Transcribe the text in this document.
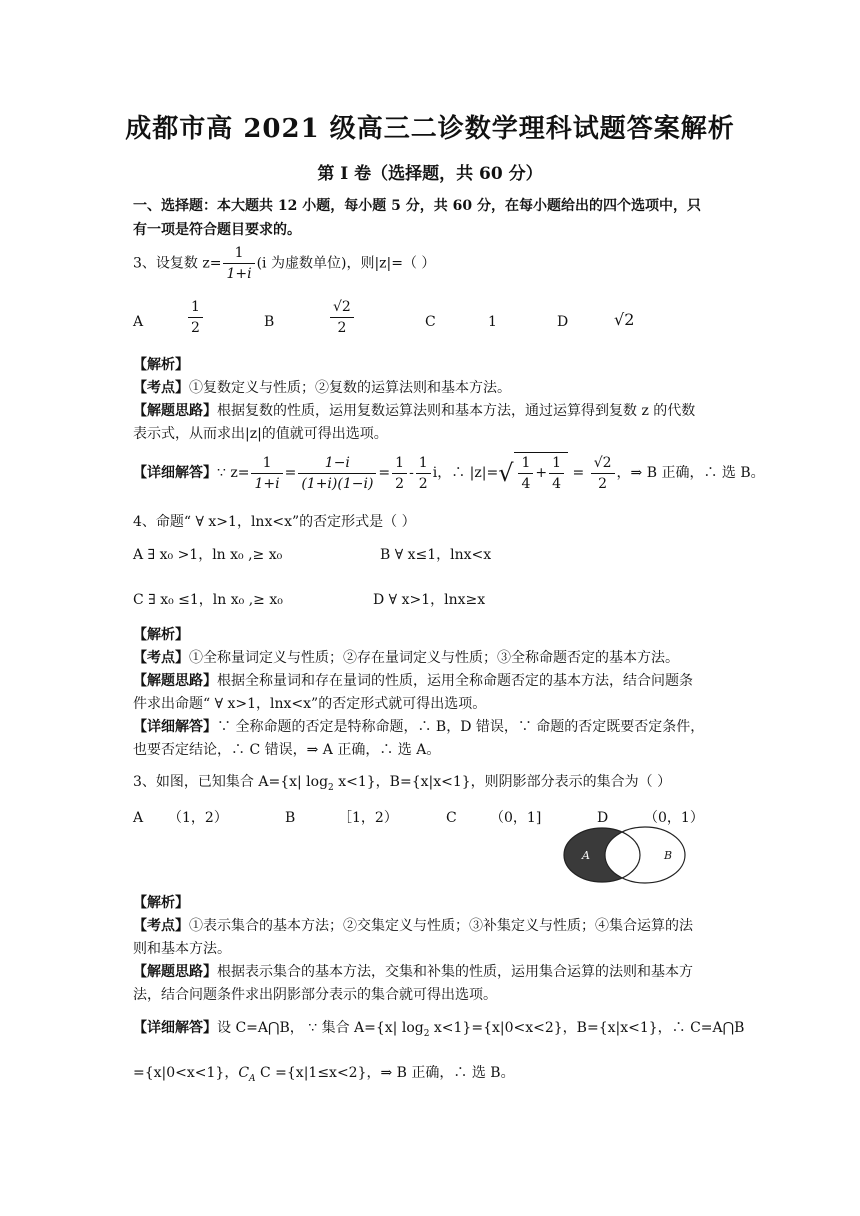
成都市高 2021 级高三二诊数学理科试题答案解析
第 I 卷（选择题，共 60 分）
一、选择题：本大题共 12 小题，每小题 5 分，共 60 分，在每小题给出的四个选项中，只
有一项是符合题目要求的。
3、设复数 $z= \frac{1}{1+i} (i$ 为虚数单位)，则|z|=（ ）
A	$\frac{1}{2}$	B	$\frac{√2}{2}$	C	1	D	√2
【解析】
【考点】①复数定义与性质；②复数的运算法则和基本方法。
【解题思路】根据复数的性质，运用复数运算法则和基本方法，通过运算得到复数 z 的代数
表示式，从而求出|z|的值就可得出选项。
【详细解答】∵ $z= \frac{1}{1+i} = \frac{1-i}{(1+i)(1-i)} = \frac{1}{2} - \frac{1}{2}$ i，∴ $|z|=√ \frac{1}{4} + \frac{1}{4} = \frac{√2}{2}$ ，⇒ B 正确，∴ 选 B。
4、命题“ ∀ x>1，lnx<x”的否定形式是（ ）
A ∃ x₀ >1，ln x₀ ,≥ x₀	B ∀ x≤1，lnx<x
C ∃ x₀ ≤1，ln x₀ ,≥ x₀	D ∀ x>1，lnx≥x
【解析】
【考点】①全称量词定义与性质；②存在量词定义与性质；③全称命题否定的基本方法。
【解题思路】根据全称量词和存在量词的性质，运用全称命题否定的基本方法，结合问题条
件求出命题“ ∀ x>1，lnx<x”的否定形式就可得出选项。
【详细解答】∵ 全称命题的否定是特称命题，∴ B，D 错误，∵ 命题的否定既要否定条件，
也要否定结论，∴ C 错误，⇒ A 正确，∴ 选 A。
3、如图，已知集合 A={x| $\log_2 x<1$}，B={x|x<1}，则阴影部分表示的集合为（ ）
A （1，2）	B	［1，2）	C （0，1]	D	（0，1）
A	B
【解析】
【考点】①表示集合的基本方法；②交集定义与性质；③补集定义与性质；④集合运算的法
则和基本方法。
【解题思路】根据表示集合的基本方法，交集和补集的性质，运用集合运算的法则和基本方
法，结合问题条件求出阴影部分表示的集合就可得出选项。
【详细解答】设 C=A⋂B， ∵ 集合 A={x| $\log_2 x<1\}=\{x|0<x<2\}$，B={x|x<1}，∴ C=A⋂B
={x|0<x<1}，$C_A$ C ={x|1≤x<2}，⇒ B 正确，∴ 选 B。
